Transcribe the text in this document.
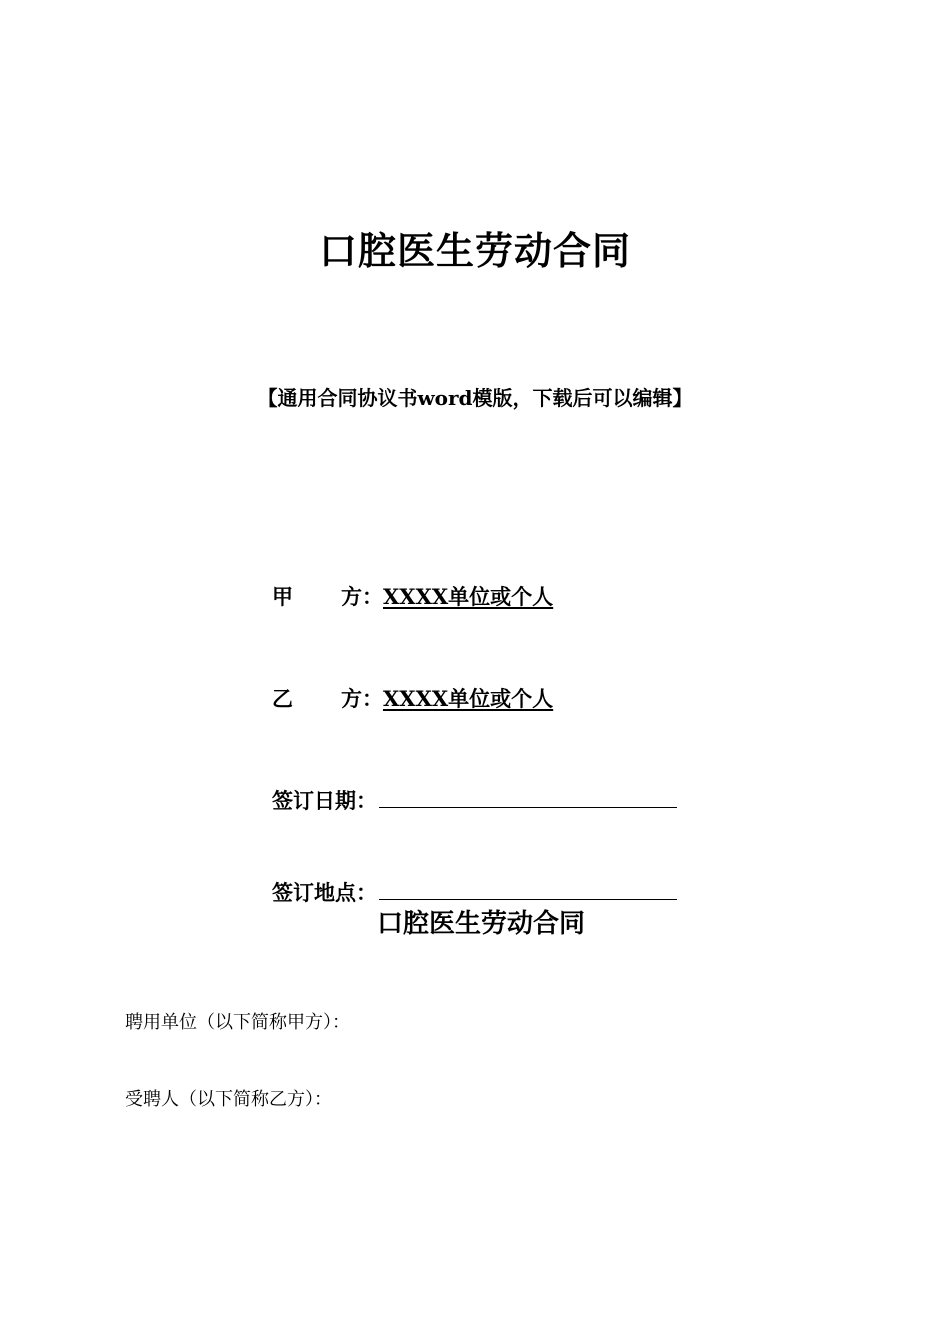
口腔医生劳动合同
【通用合同协议书word模版，下载后可以编辑】
甲 方：XXXX单位或个人
乙 方：XXXX单位或个人
签订日期：
签订地点：
口腔医生劳动合同
聘用单位（以下简称甲方）：
受聘人（以下简称乙方）：
